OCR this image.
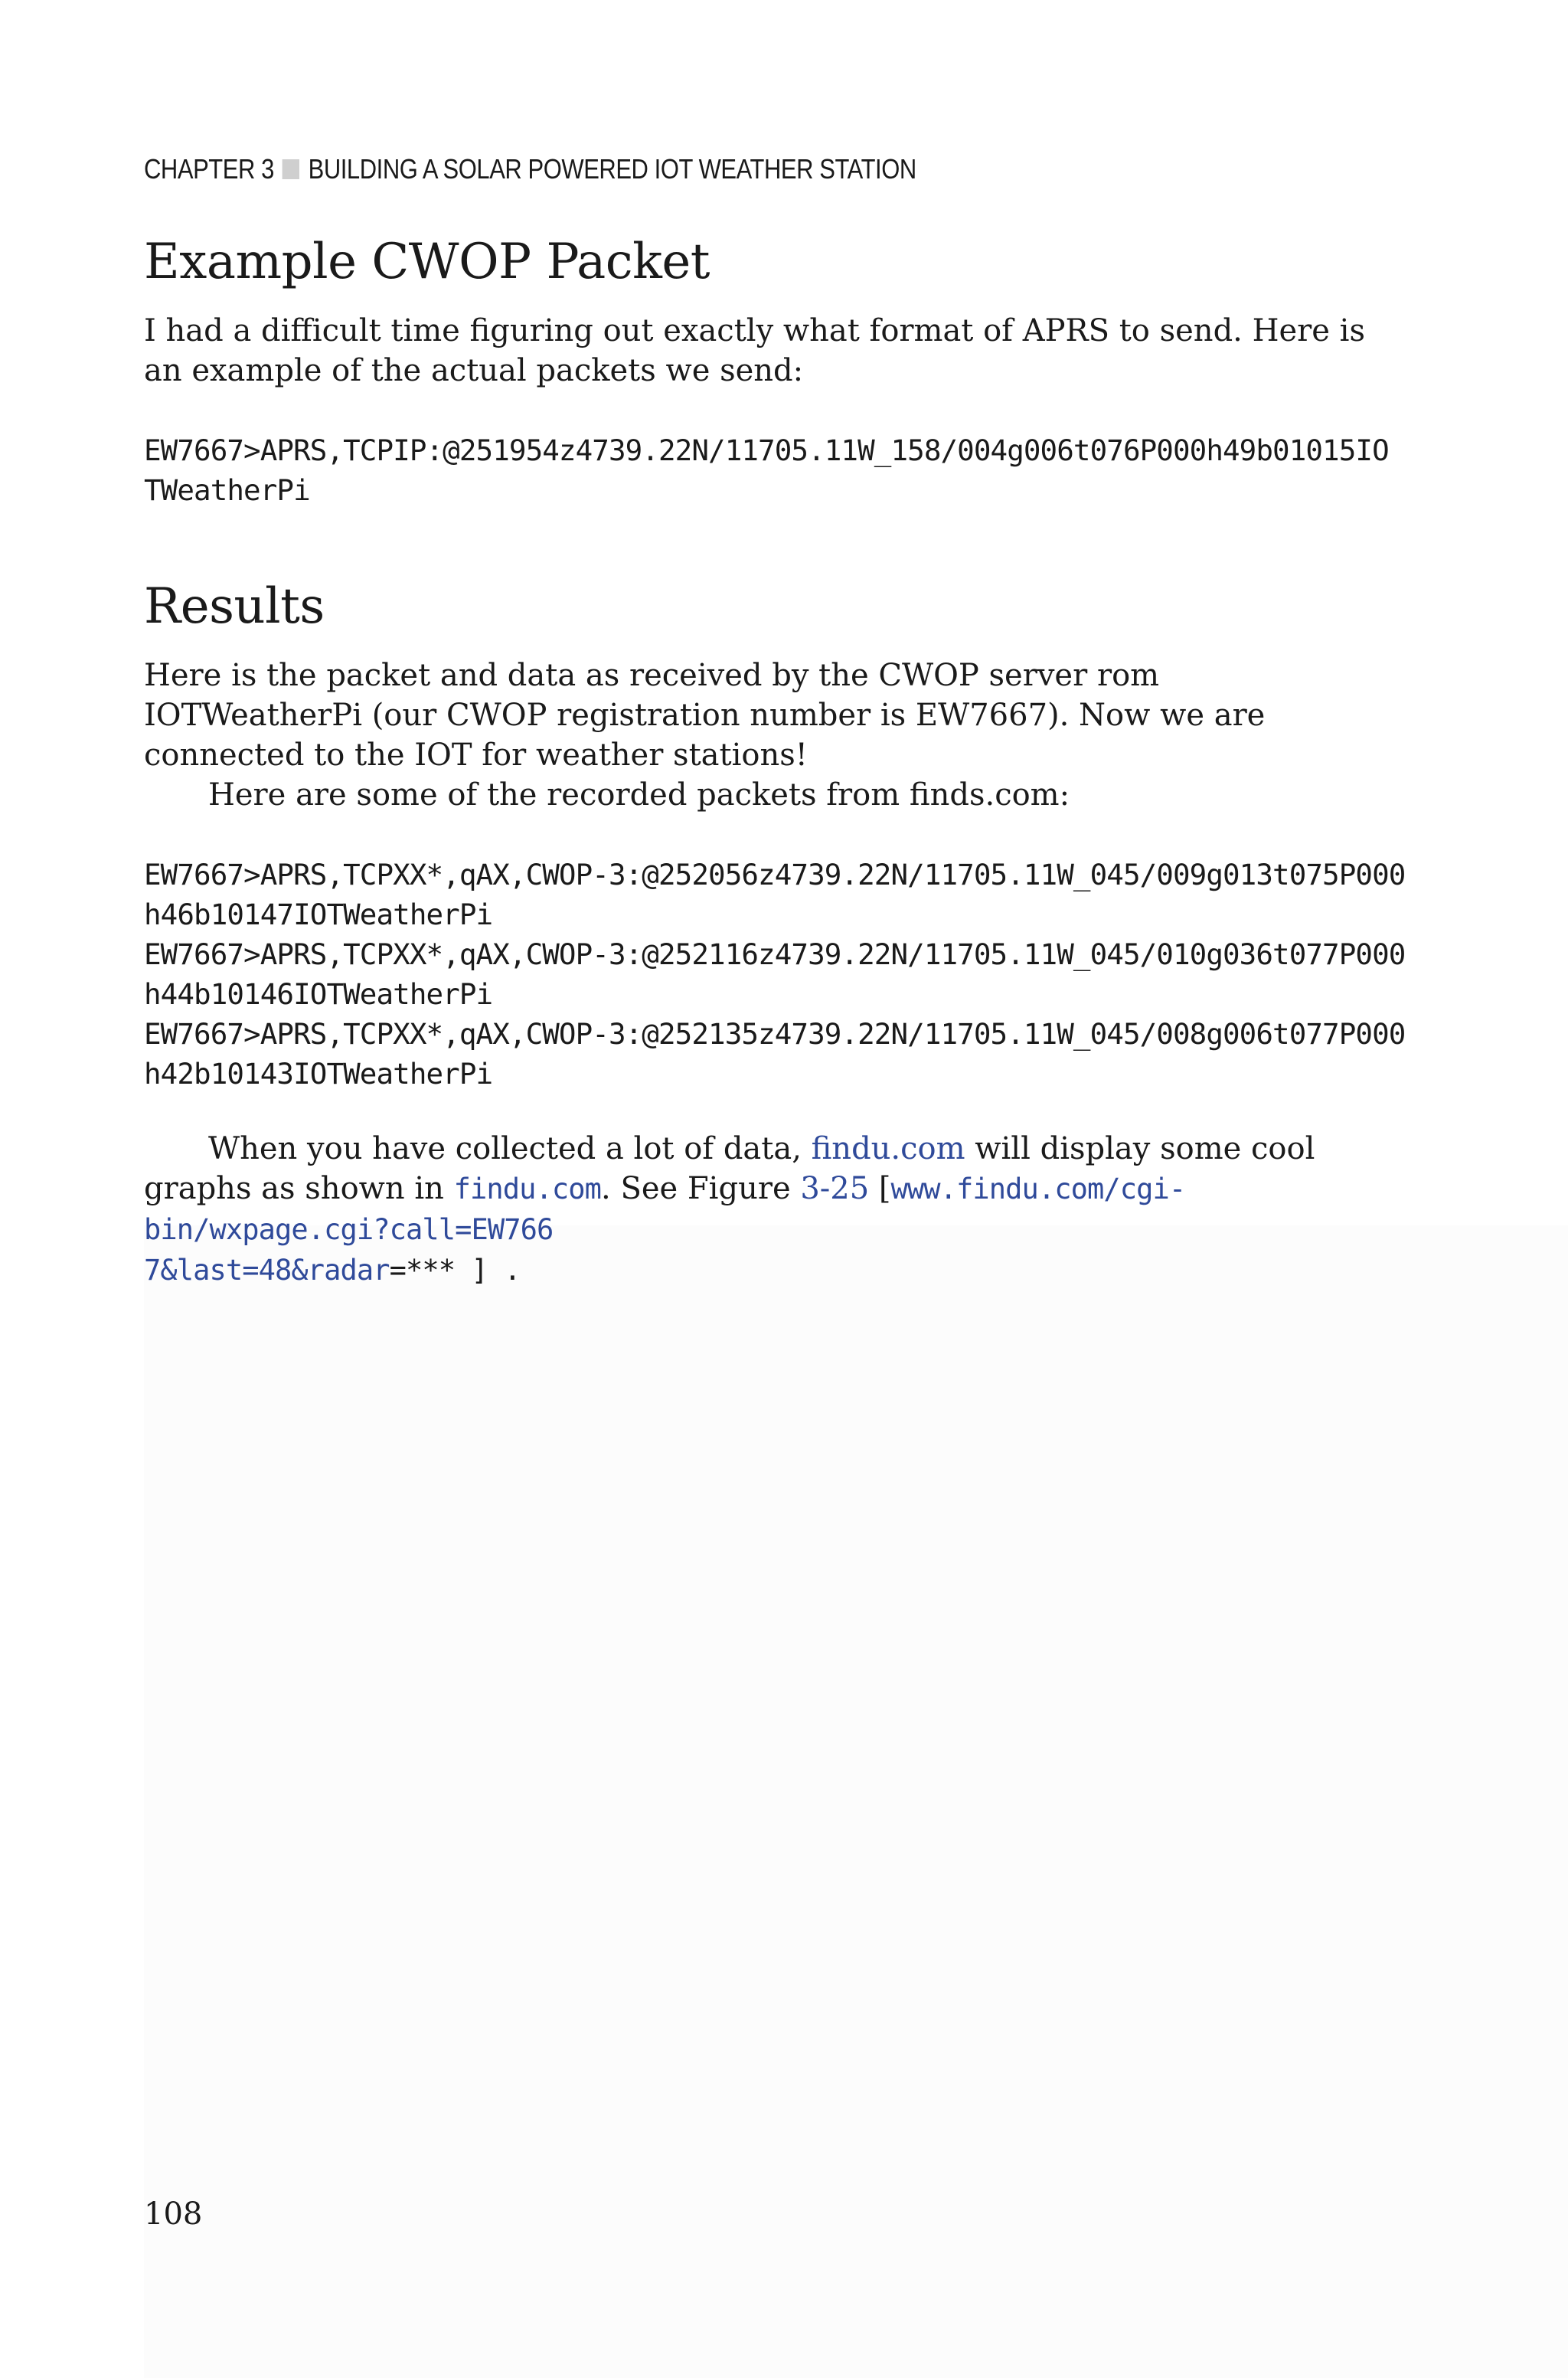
CHAPTER 3 BUILDING A SOLAR POWERED IOT WEATHER STATION
Example CWOP Packet

I had a difficult time figuring out exactly what format of APRS to send. Here is an example of the actual packets we send:

EW7667>APRS,TCPIP:@251954z4739.22N/11705.11W_158/004g006t076P000h49b01015IO
TWeatherPi
Results

Here is the packet and data as received by the CWOP server rom IOTWeatherPi (our CWOP registration number is EW7667). Now we are connected to the IOT for weather stations!

Here are some of the recorded packets from finds.com:

EW7667>APRS,TCPXX*,qAX,CWOP-3:@252056z4739.22N/11705.11W_045/009g013t075P000
h46b10147IOTWeatherPi
EW7667>APRS,TCPXX*,qAX,CWOP-3:@252116z4739.22N/11705.11W_045/010g036t077P000
h44b10146IOTWeatherPi
EW7667>APRS,TCPXX*,qAX,CWOP-3:@252135z4739.22N/11705.11W_045/008g006t077P000
h42b10143IOTWeatherPi

When you have collected a lot of data, findu.com will display some cool graphs as shown in findu.com. See Figure 3-25 [www.findu.com/cgi-bin/wxpage.cgi?call=EW766
7&last=48&radar=*** ] .

108
